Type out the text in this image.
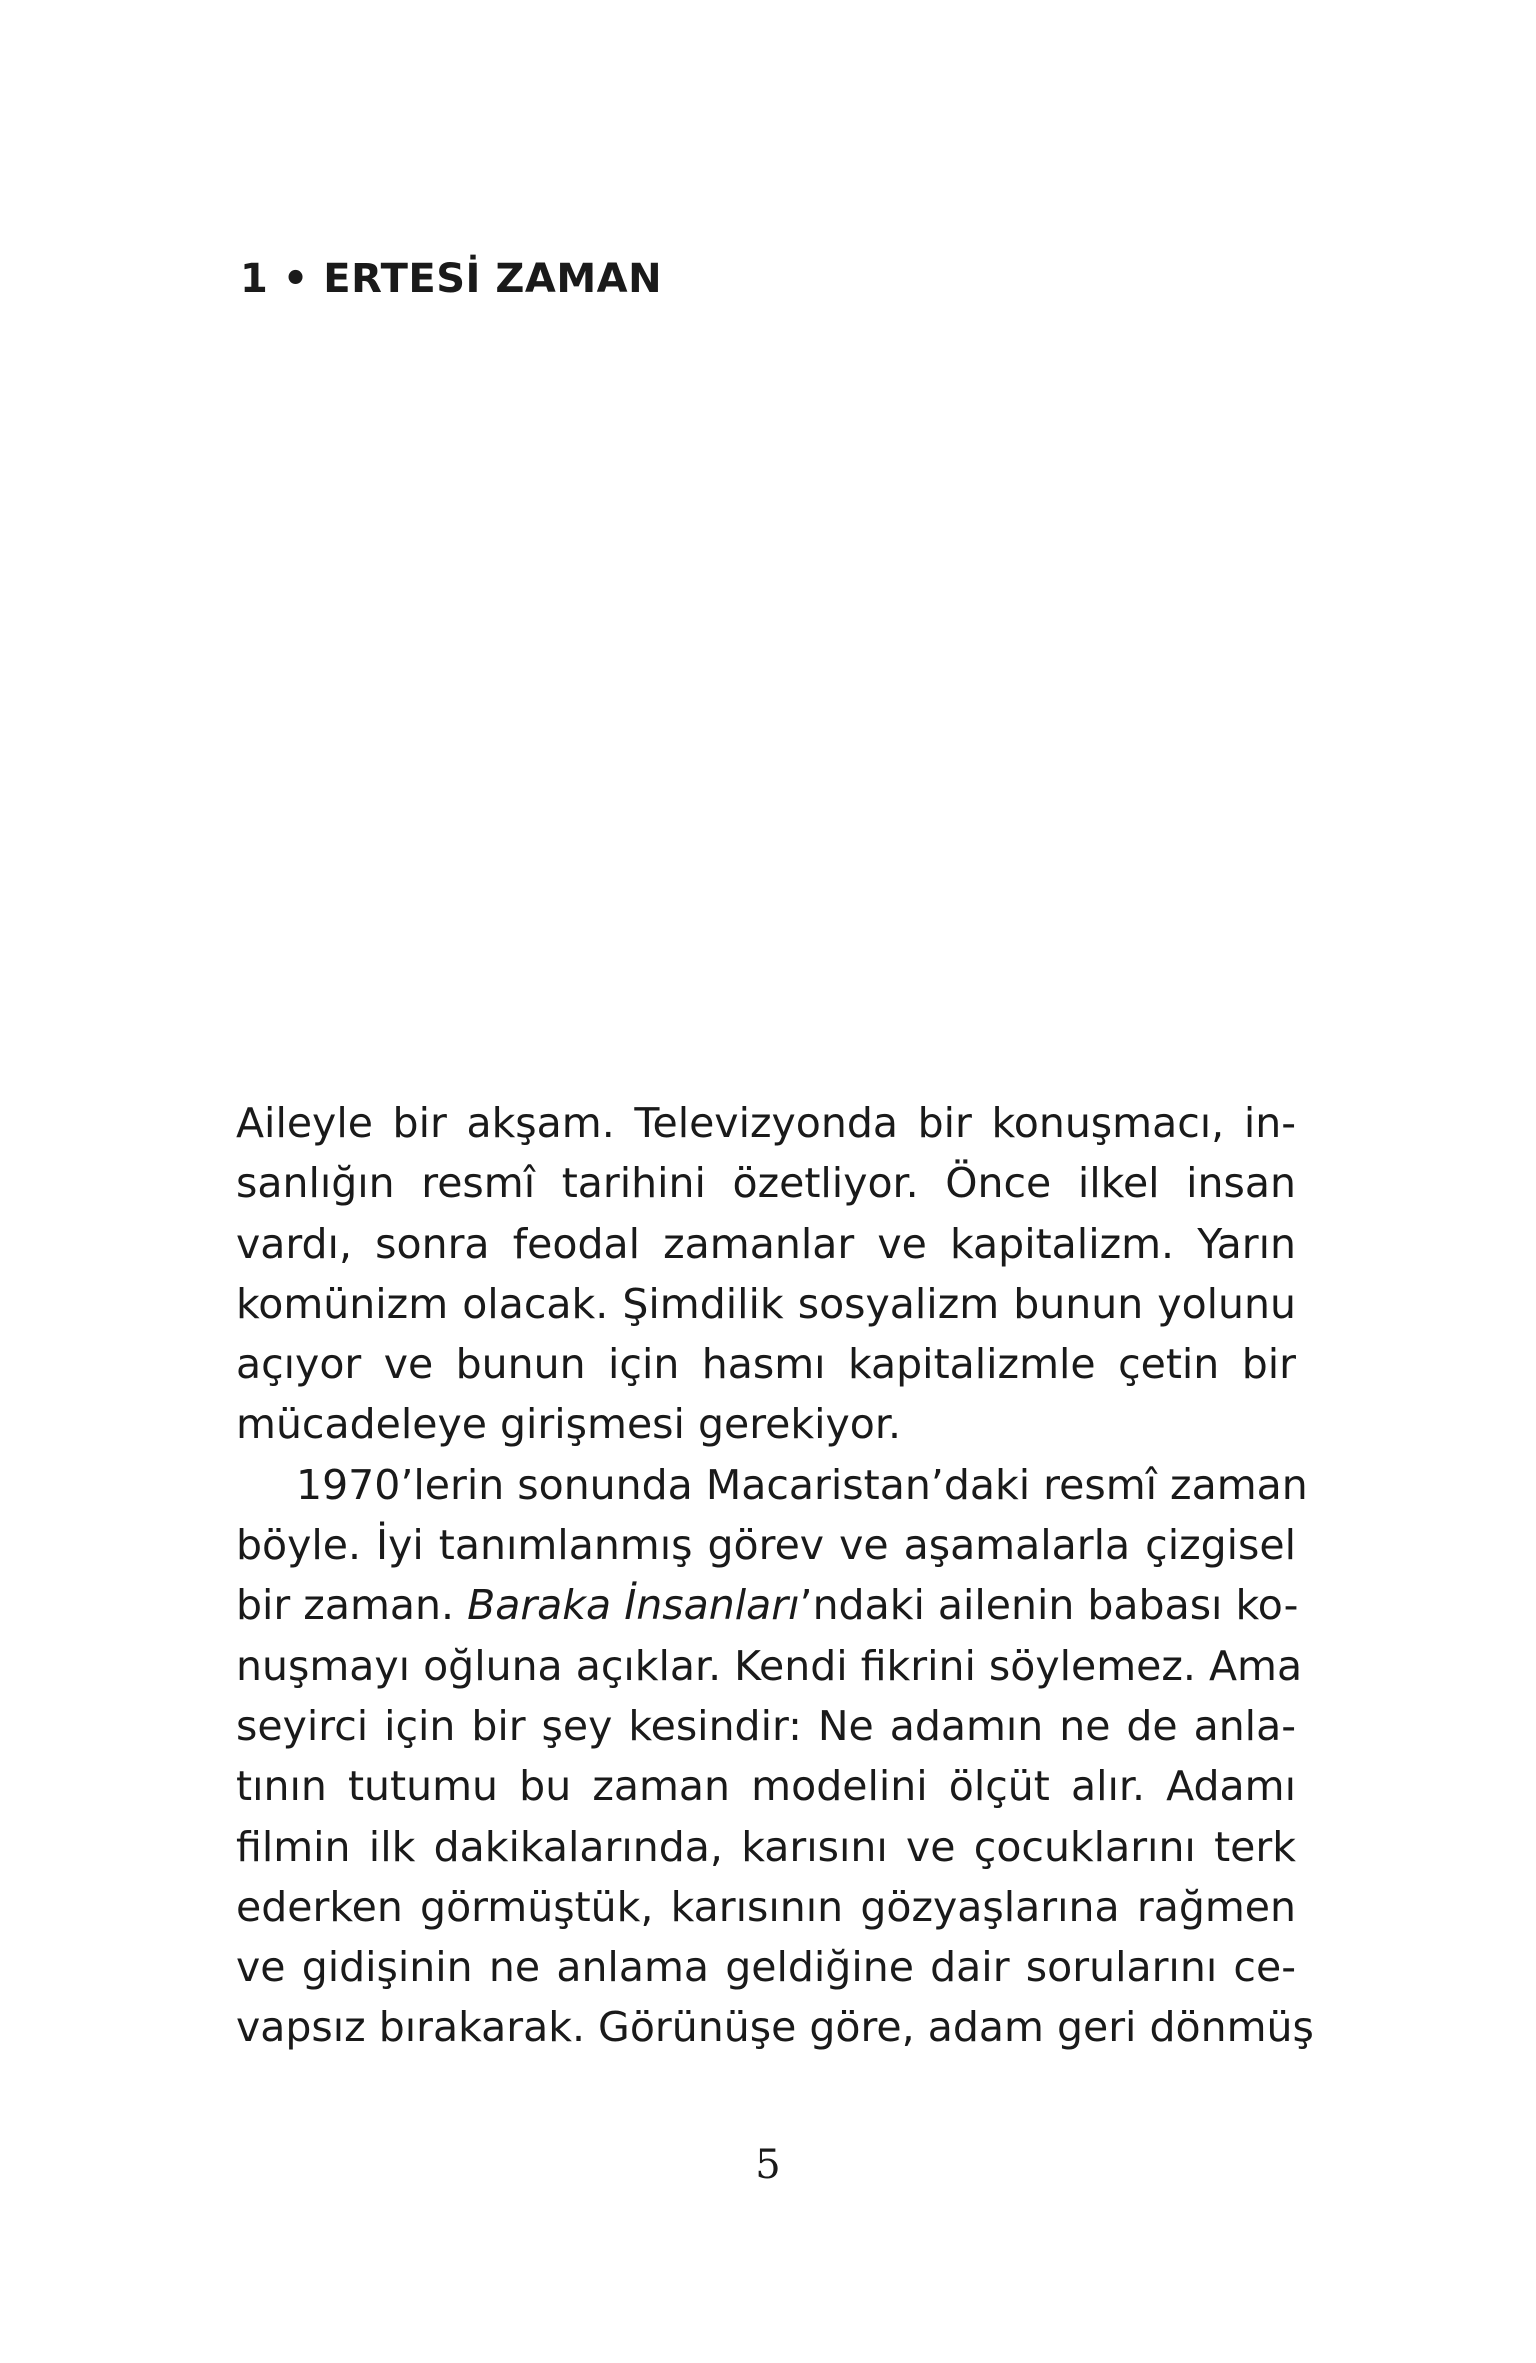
1 • ERTESİ ZAMAN
Aileyle bir akşam. Televizyonda bir konuşmacı, in-
sanlığın resmî tarihini özetliyor. Önce ilkel insan
vardı, sonra feodal zamanlar ve kapitalizm. Yarın
komünizm olacak. Şimdilik sosyalizm bunun yolunu
açıyor ve bunun için hasmı kapitalizmle çetin bir
mücadeleye girişmesi gerekiyor.
1970’lerin sonunda Macaristan’daki resmî zaman
böyle. İyi tanımlanmış görev ve aşamalarla çizgisel
bir zaman. Baraka İnsanları’ndaki ailenin babası ko-
nuşmayı oğluna açıklar. Kendi fikrini söylemez. Ama
seyirci için bir şey kesindir: Ne adamın ne de anla-
tının tutumu bu zaman modelini ölçüt alır. Adamı
filmin ilk dakikalarında, karısını ve çocuklarını terk
ederken görmüştük, karısının gözyaşlarına rağmen
ve gidişinin ne anlama geldiğine dair sorularını ce-
vapsız bırakarak. Görünüşe göre, adam geri dönmüş
5
